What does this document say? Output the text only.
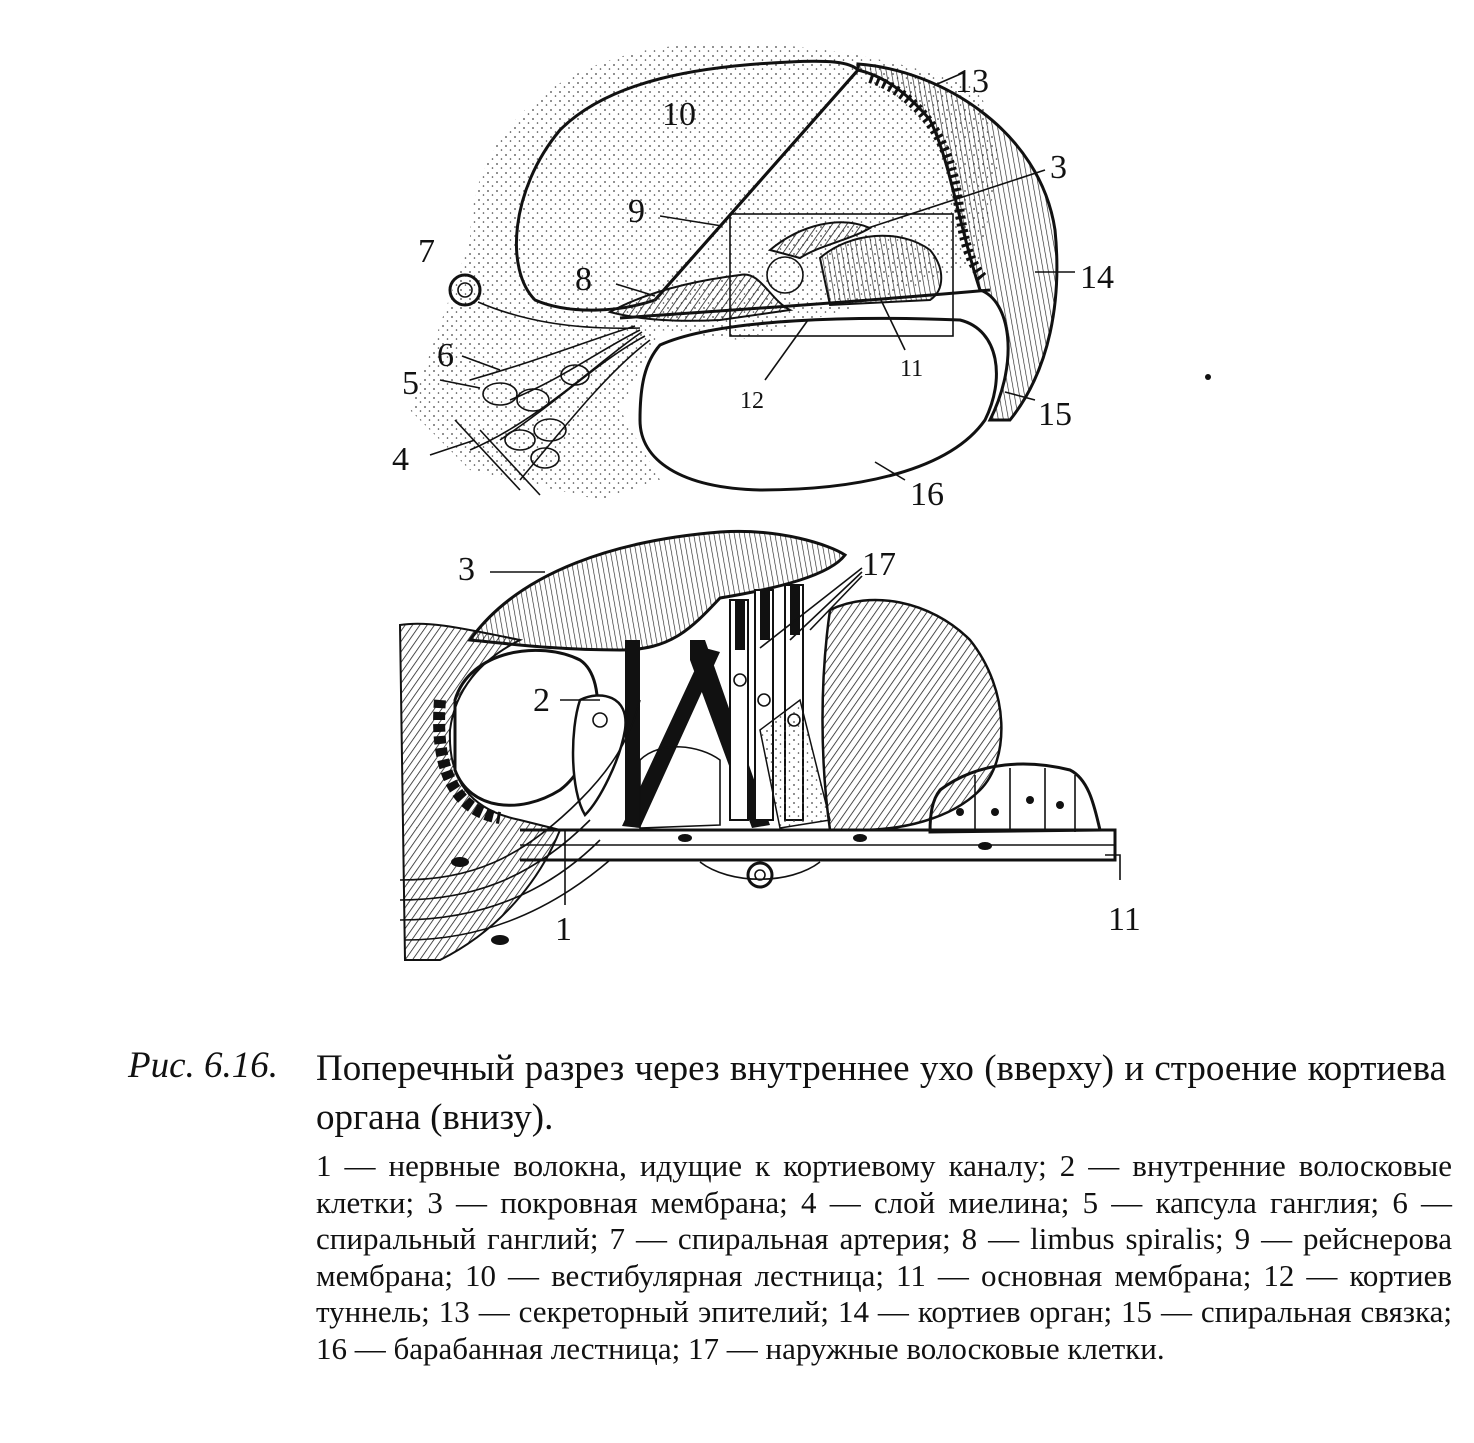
10
13
3
9
7
8	14
6	11
5	12	15
4
16
3	17
2
1	11
Рис. 6.16.	Поперечный разрез через внутреннее ухо (вверху) и строение кортиева органа (внизу).
1 — нервные волокна, идущие к кортиевому каналу; 2 — внутренние волосковые клетки; 3 — покровная мембрана; 4 — слой миелина; 5 — капсула ганглия; 6 — спиральный ганглий; 7 — спиральная артерия; 8 — limbus spiralis; 9 — рейснерова мембрана; 10 — вестибулярная лестница; 11 — основная мембрана; 12 — кортиев туннель; 13 — секреторный эпителий; 14 — кортиев орган; 15 — спиральная связка; 16 — барабанная лестница; 17 — наружные волосковые клетки.
